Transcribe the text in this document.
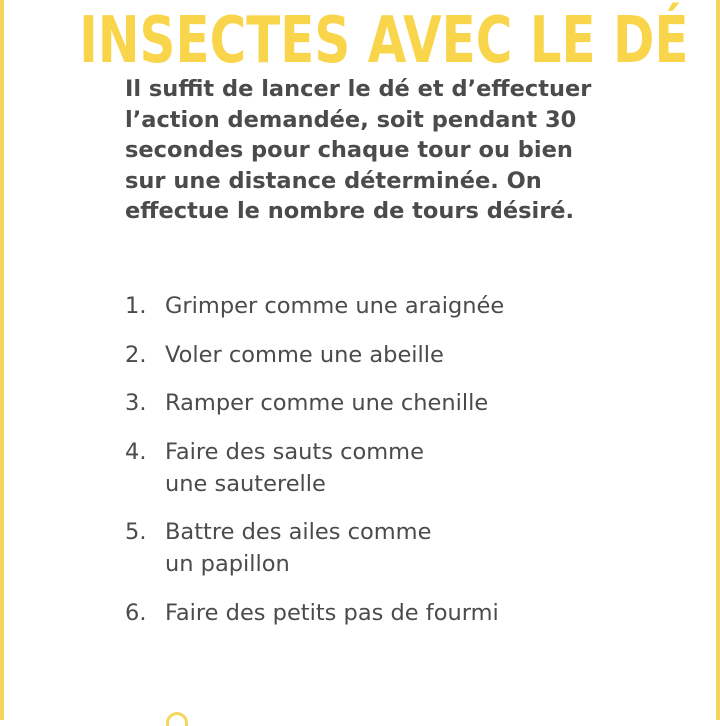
INSECTES AVEC LE DÉ

Il suffit de lancer le dé et d’effectuer l’action demandée, soit pendant 30 secondes pour chaque tour ou bien sur une distance déterminée. On effectue le nombre de tours désiré.

1. Grimper comme une araignée
2. Voler comme une abeille
3. Ramper comme une chenille
4. Faire des sauts comme
une sauterelle
5. Battre des ailes comme
un papillon
6. Faire des petits pas de fourmi
